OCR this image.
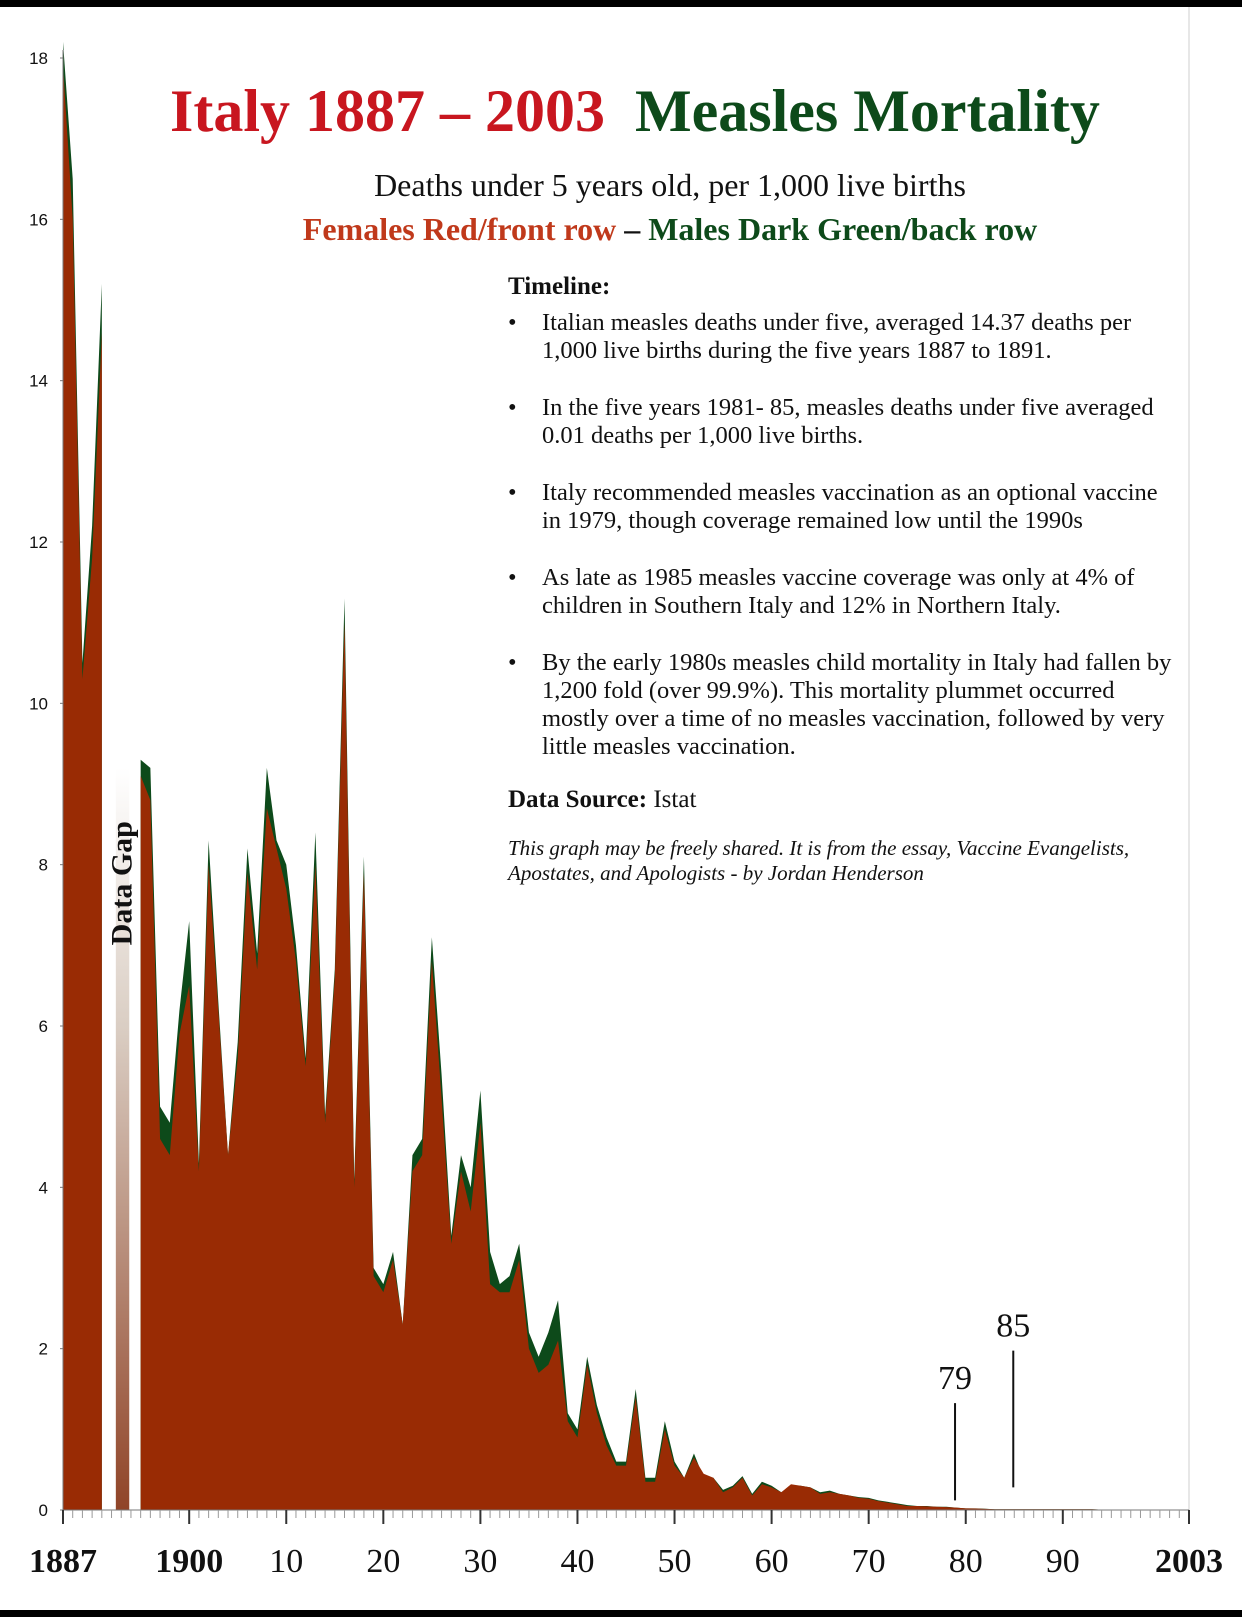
Data Gap
0
2
4
6
8
10
12
14
16
18
1887 1900 10 20 30 40 50 60 70 80 90 2003
79
85
Italy 1887 – 2003 Measles Mortality
Deaths under 5 years old, per 1,000 live births
Females Red/front row – Males Dark Green/back row
Timeline:
• Italian measles deaths under five, averaged 14.37 deaths per 1,000 live births during the five years 1887 to 1891.
• In the five years 1981- 85, measles deaths under five averaged 0.01 deaths per 1,000 live births.
• Italy recommended measles vaccination as an optional vaccine in 1979, though coverage remained low until the 1990s
• As late as 1985 measles vaccine coverage was only at 4% of children in Southern Italy and 12% in Northern Italy.
• By the early 1980s measles child mortality in Italy had fallen by 1,200 fold (over 99.9%). This mortality plummet occurred mostly over a time of no measles vaccination, followed by very little measles vaccination.
Data Source: Istat
This graph may be freely shared. It is from the essay, Vaccine Evangelists, Apostates, and Apologists - by Jordan Henderson
